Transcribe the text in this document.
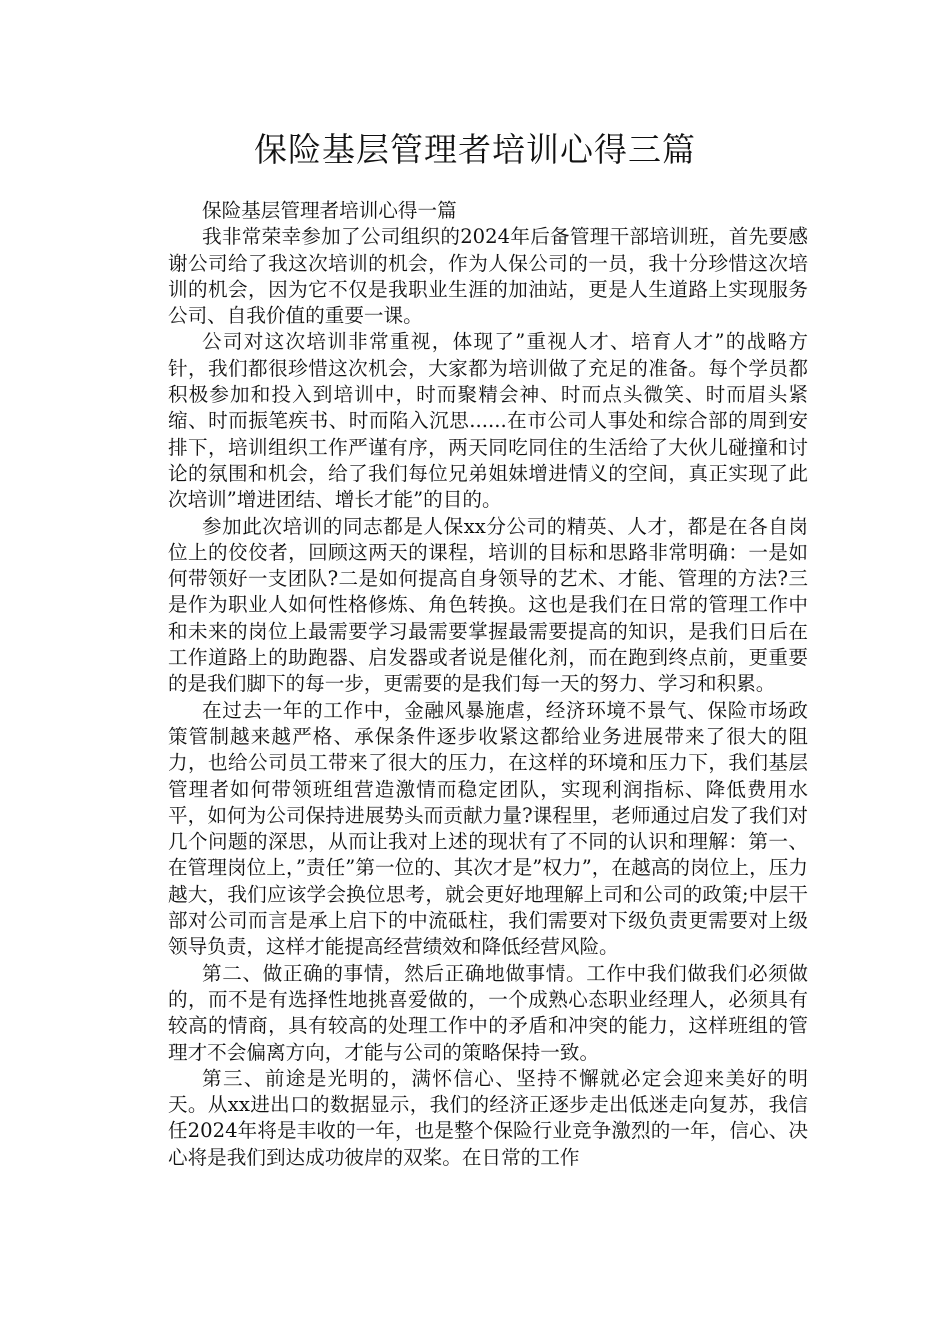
保险基层管理者培训心得三篇

保险基层管理者培训心得一篇

我非常荣幸参加了公司组织的2024年后备管理干部培训班，首先要感谢公司给了我这次培训的机会，作为人保公司的一员，我十分珍惜这次培训的机会，因为它不仅是我职业生涯的加油站，更是人生道路上实现服务公司、自我价值的重要一课。

公司对这次培训非常重视，体现了”重视人才、培育人才”的战略方针，我们都很珍惜这次机会，大家都为培训做了充足的准备。每个学员都积极参加和投入到培训中，时而聚精会神、时而点头微笑、时而眉头紧缩、时而振笔疾书、时而陷入沉思......在市公司人事处和综合部的周到安排下，培训组织工作严谨有序，两天同吃同住的生活给了大伙儿碰撞和讨论的氛围和机会，给了我们每位兄弟姐妹增进情义的空间，真正实现了此次培训”增进团结、增长才能”的目的。

参加此次培训的同志都是人保xx分公司的精英、人才，都是在各自岗位上的佼佼者，回顾这两天的课程，培训的目标和思路非常明确：一是如何带领好一支团队?二是如何提高自身领导的艺术、才能、管理的方法?三是作为职业人如何性格修炼、角色转换。这也是我们在日常的管理工作中和未来的岗位上最需要学习最需要掌握最需要提高的知识，是我们日后在工作道路上的助跑器、启发器或者说是催化剂，而在跑到终点前，更重要的是我们脚下的每一步，更需要的是我们每一天的努力、学习和积累。

在过去一年的工作中，金融风暴施虐，经济环境不景气、保险市场政策管制越来越严格、承保条件逐步收紧这都给业务进展带来了很大的阻力，也给公司员工带来了很大的压力，在这样的环境和压力下，我们基层管理者如何带领班组营造激情而稳定团队，实现利润指标、降低费用水平，如何为公司保持进展势头而贡献力量?课程里，老师通过启发了我们对几个问题的深思，从而让我对上述的现状有了不同的认识和理解：第一、在管理岗位上，”责任”第一位的、其次才是”权力”，在越高的岗位上，压力越大，我们应该学会换位思考，就会更好地理解上司和公司的政策;中层干部对公司而言是承上启下的中流砥柱，我们需要对下级负责更需要对上级领导负责，这样才能提高经营绩效和降低经营风险。

第二、做正确的事情，然后正确地做事情。工作中我们做我们必须做的，而不是有选择性地挑喜爱做的，一个成熟心态职业经理人，必须具有较高的情商，具有较高的处理工作中的矛盾和冲突的能力，这样班组的管理才不会偏离方向，才能与公司的策略保持一致。

第三、前途是光明的，满怀信心、坚持不懈就必定会迎来美好的明天。从xx进出口的数据显示，我们的经济正逐步走出低迷走向复苏，我信任2024年将是丰收的一年，也是整个保险行业竞争激烈的一年，信心、决心将是我们到达成功彼岸的双桨。在日常的工作
